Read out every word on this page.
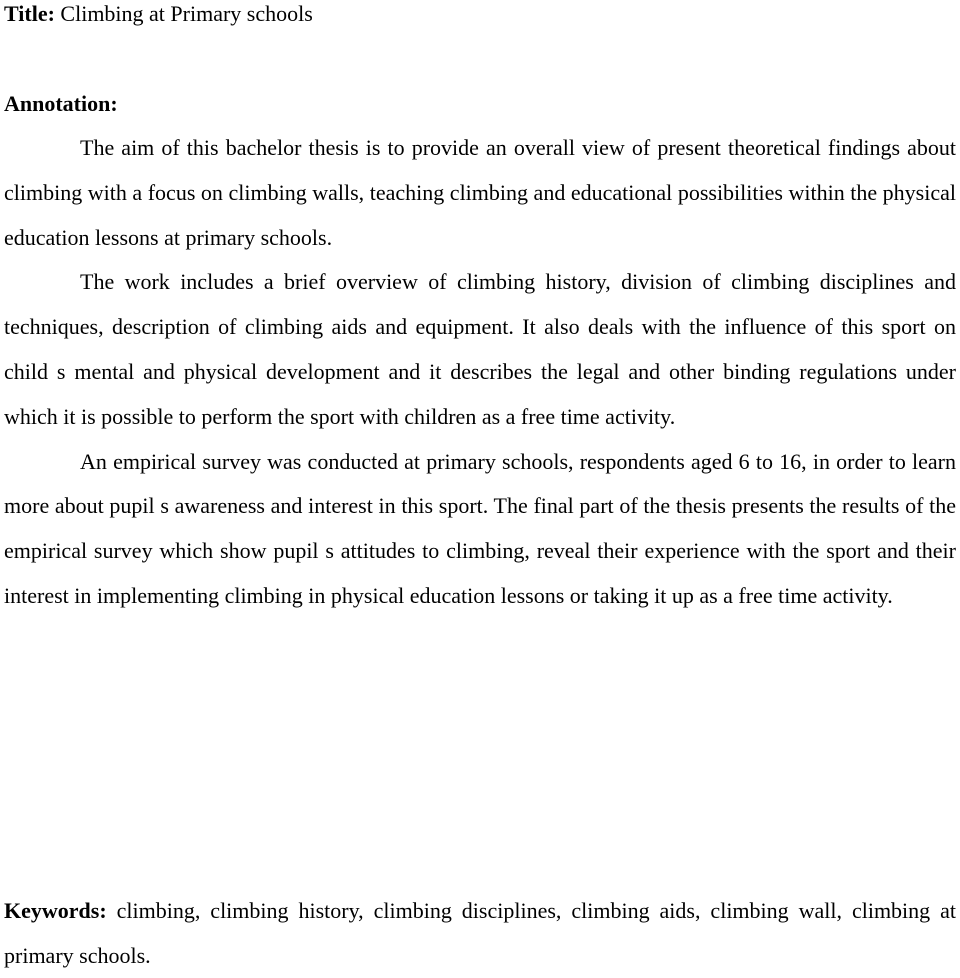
Title: Climbing at Primary schools
Annotation:

The aim of this bachelor thesis is to provide an overall view of present theoretical findings about climbing with a focus on climbing walls, teaching climbing and educational possibilities within the physical education lessons at primary schools.

The work includes a brief overview of climbing history, division of climbing disciplines and techniques, description of climbing aids and equipment. It also deals with the influence of this sport on child s mental and physical development and it describes the legal and other binding regulations under which it is possible to perform the sport with children as a free time activity.

An empirical survey was conducted at primary schools, respondents aged 6 to 16, in order to learn more about pupil s awareness and interest in this sport. The final part of the thesis presents the results of the empirical survey which show pupil s attitudes to climbing, reveal their experience with the sport and their interest in implementing climbing in physical education lessons or taking it up as a free time activity.

Keywords: climbing, climbing history, climbing disciplines, climbing aids, climbing wall, climbing at primary schools.
